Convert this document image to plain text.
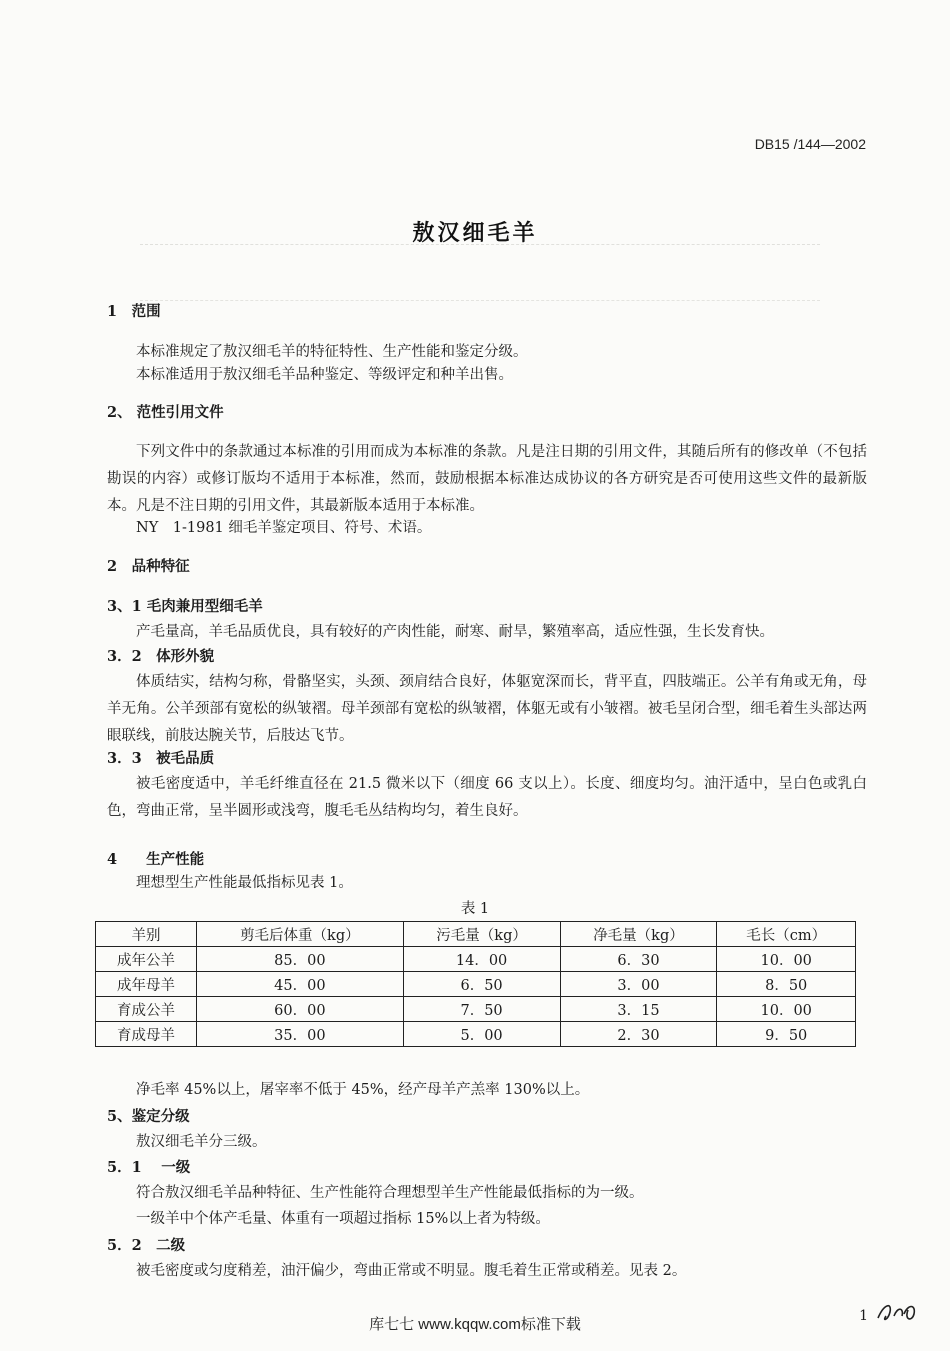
DB15 /144—2002
敖汉细毛羊
1　范围
本标准规定了敖汉细毛羊的特征特性、生产性能和鉴定分级。
本标准适用于敖汉细毛羊品种鉴定、等级评定和种羊出售。
2、 范性引用文件
下列文件中的条款通过本标准的引用而成为本标准的条款。凡是注日期的引用文件，其随后所有的修改单（不包括勘误的内容）或修订版均不适用于本标准，然而，鼓励根据本标准达成协议的各方研究是否可使用这些文件的最新版本。凡是不注日期的引用文件，其最新版本适用于本标准。
NY　1-1981 细毛羊鉴定项目、符号、术语。
2　品种特征
3、1 毛肉兼用型细毛羊
产毛量高，羊毛品质优良，具有较好的产肉性能，耐寒、耐旱，繁殖率高，适应性强，生长发育快。
3．2　体形外貌
体质结实，结构匀称，骨骼坚实，头颈、颈肩结合良好，体躯宽深而长，背平直，四肢端正。公羊有角或无角，母羊无角。公羊颈部有宽松的纵皱褶。母羊颈部有宽松的纵皱褶，体躯无或有小皱褶。被毛呈闭合型，细毛着生头部达两眼联线，前肢达腕关节，后肢达飞节。
3．3　被毛品质
被毛密度适中，羊毛纤维直径在 21.5 微米以下（细度 66 支以上）。长度、细度均匀。油汗适中，呈白色或乳白色，弯曲正常，呈半圆形或浅弯，腹毛毛丛结构均匀，着生良好。
4　　生产性能
理想型生产性能最低指标见表 1。
表 1
羊别	剪毛后体重（kg）	污毛量（kg）	净毛量（kg）	毛长（cm）
成年公羊	85．00	14．00	6．30	10．00
成年母羊	45．00	6．50	3．00	8．50
育成公羊	60．00	7．50	3．15	10．00
育成母羊	35．00	5．00	2．30	9．50
净毛率 45%以上，屠宰率不低于 45%，经产母羊产羔率 130%以上。
5、鉴定分级
敖汉细毛羊分三级。
5．1　 一级
符合敖汉细毛羊品种特征、生产性能符合理想型羊生产性能最低指标的为一级。
一级羊中个体产毛量、体重有一项超过指标 15%以上者为特级。
5．2　二级
被毛密度或匀度稍差，油汗偏少，弯曲正常或不明显。腹毛着生正常或稍差。见表 2。
库七七 www.kqqw.com标准下载	1
